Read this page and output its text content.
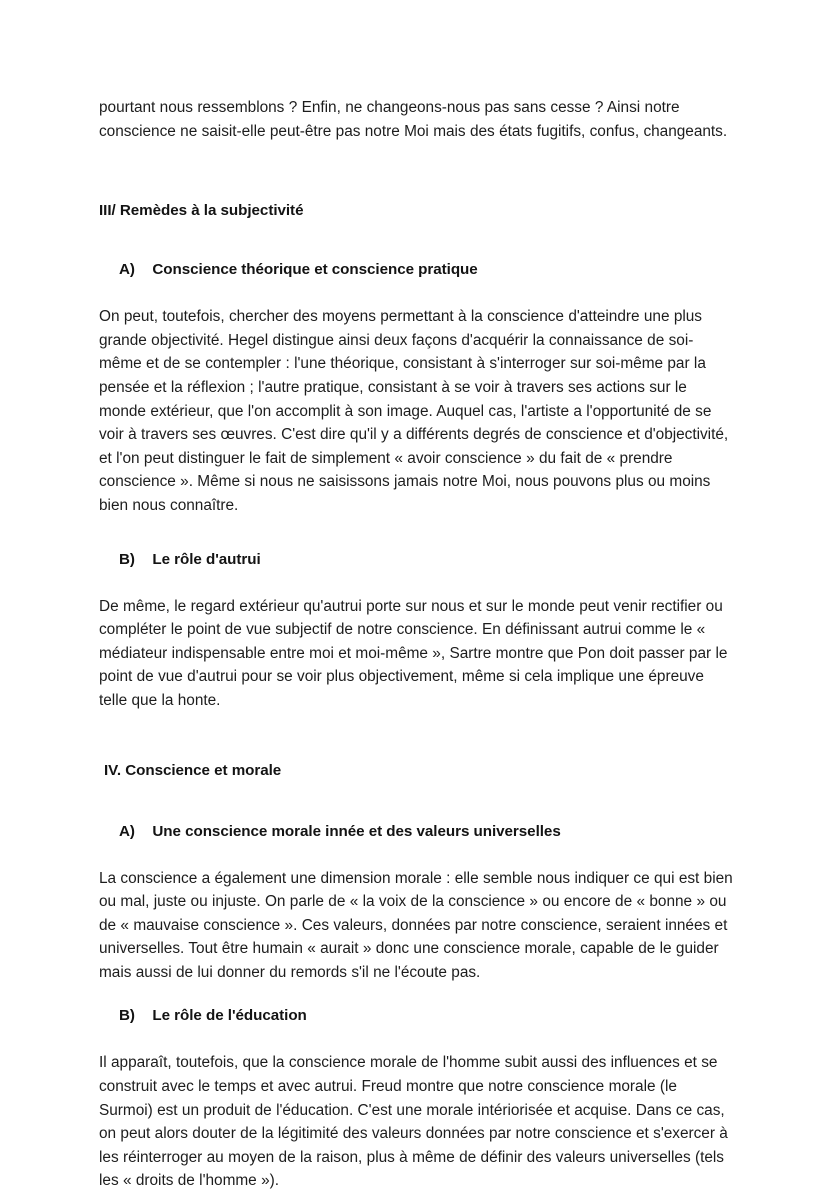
pourtant nous ressemblons ? Enfin, ne changeons-nous pas sans cesse ? Ainsi notre conscience ne saisit-elle peut-être pas notre Moi mais des états fugitifs, confus, changeants.

III/ Remèdes à la subjectivité
A)	Conscience théorique et conscience pratique

On peut, toutefois, chercher des moyens permettant à la conscience d'atteindre une plus grande objectivité. Hegel distingue ainsi deux façons d'acquérir la connaissance de soi-même et de se contempler : l'une théorique, consistant à s'interroger sur soi-même par la pensée et la réflexion ; l'autre pratique, consistant à se voir à travers ses actions sur le monde extérieur, que l'on accomplit à son image. Auquel cas, l'artiste a l'opportunité de se voir à travers ses œuvres. C'est dire qu'il y a différents degrés de conscience et d'objectivité, et l'on peut distinguer le fait de simplement « avoir conscience » du fait de « prendre conscience ». Même si nous ne saisissons jamais notre Moi, nous pouvons plus ou moins bien nous connaître.

B)	Le rôle d'autrui

De même, le regard extérieur qu'autrui porte sur nous et sur le monde peut venir rectifier ou compléter le point de vue subjectif de notre conscience. En définissant autrui comme le « médiateur indispensable entre moi et moi-même », Sartre montre que Pon doit passer par le point de vue d'autrui pour se voir plus objectivement, même si cela implique une épreuve telle que la honte.

IV. Conscience et morale
A)	Une conscience morale innée et des valeurs universelles

La conscience a également une dimension morale : elle semble nous indiquer ce qui est bien ou mal, juste ou injuste. On parle de « la voix de la conscience » ou encore de « bonne » ou de « mauvaise conscience ». Ces valeurs, données par notre conscience, seraient innées et universelles. Tout être humain « aurait » donc une conscience morale, capable de le guider mais aussi de lui donner du remords s'il ne l'écoute pas.

B)	Le rôle de l'éducation

Il apparaît, toutefois, que la conscience morale de l'homme subit aussi des influences et se construit avec le temps et avec autrui. Freud montre que notre conscience morale (le Surmoi) est un produit de l'éducation. C'est une morale intériorisée et acquise. Dans ce cas, on peut alors douter de la légitimité des valeurs données par notre conscience et s'exercer à les réinterroger au moyen de la raison, plus à même de définir des valeurs universelles (tels les « droits de l'homme »).
